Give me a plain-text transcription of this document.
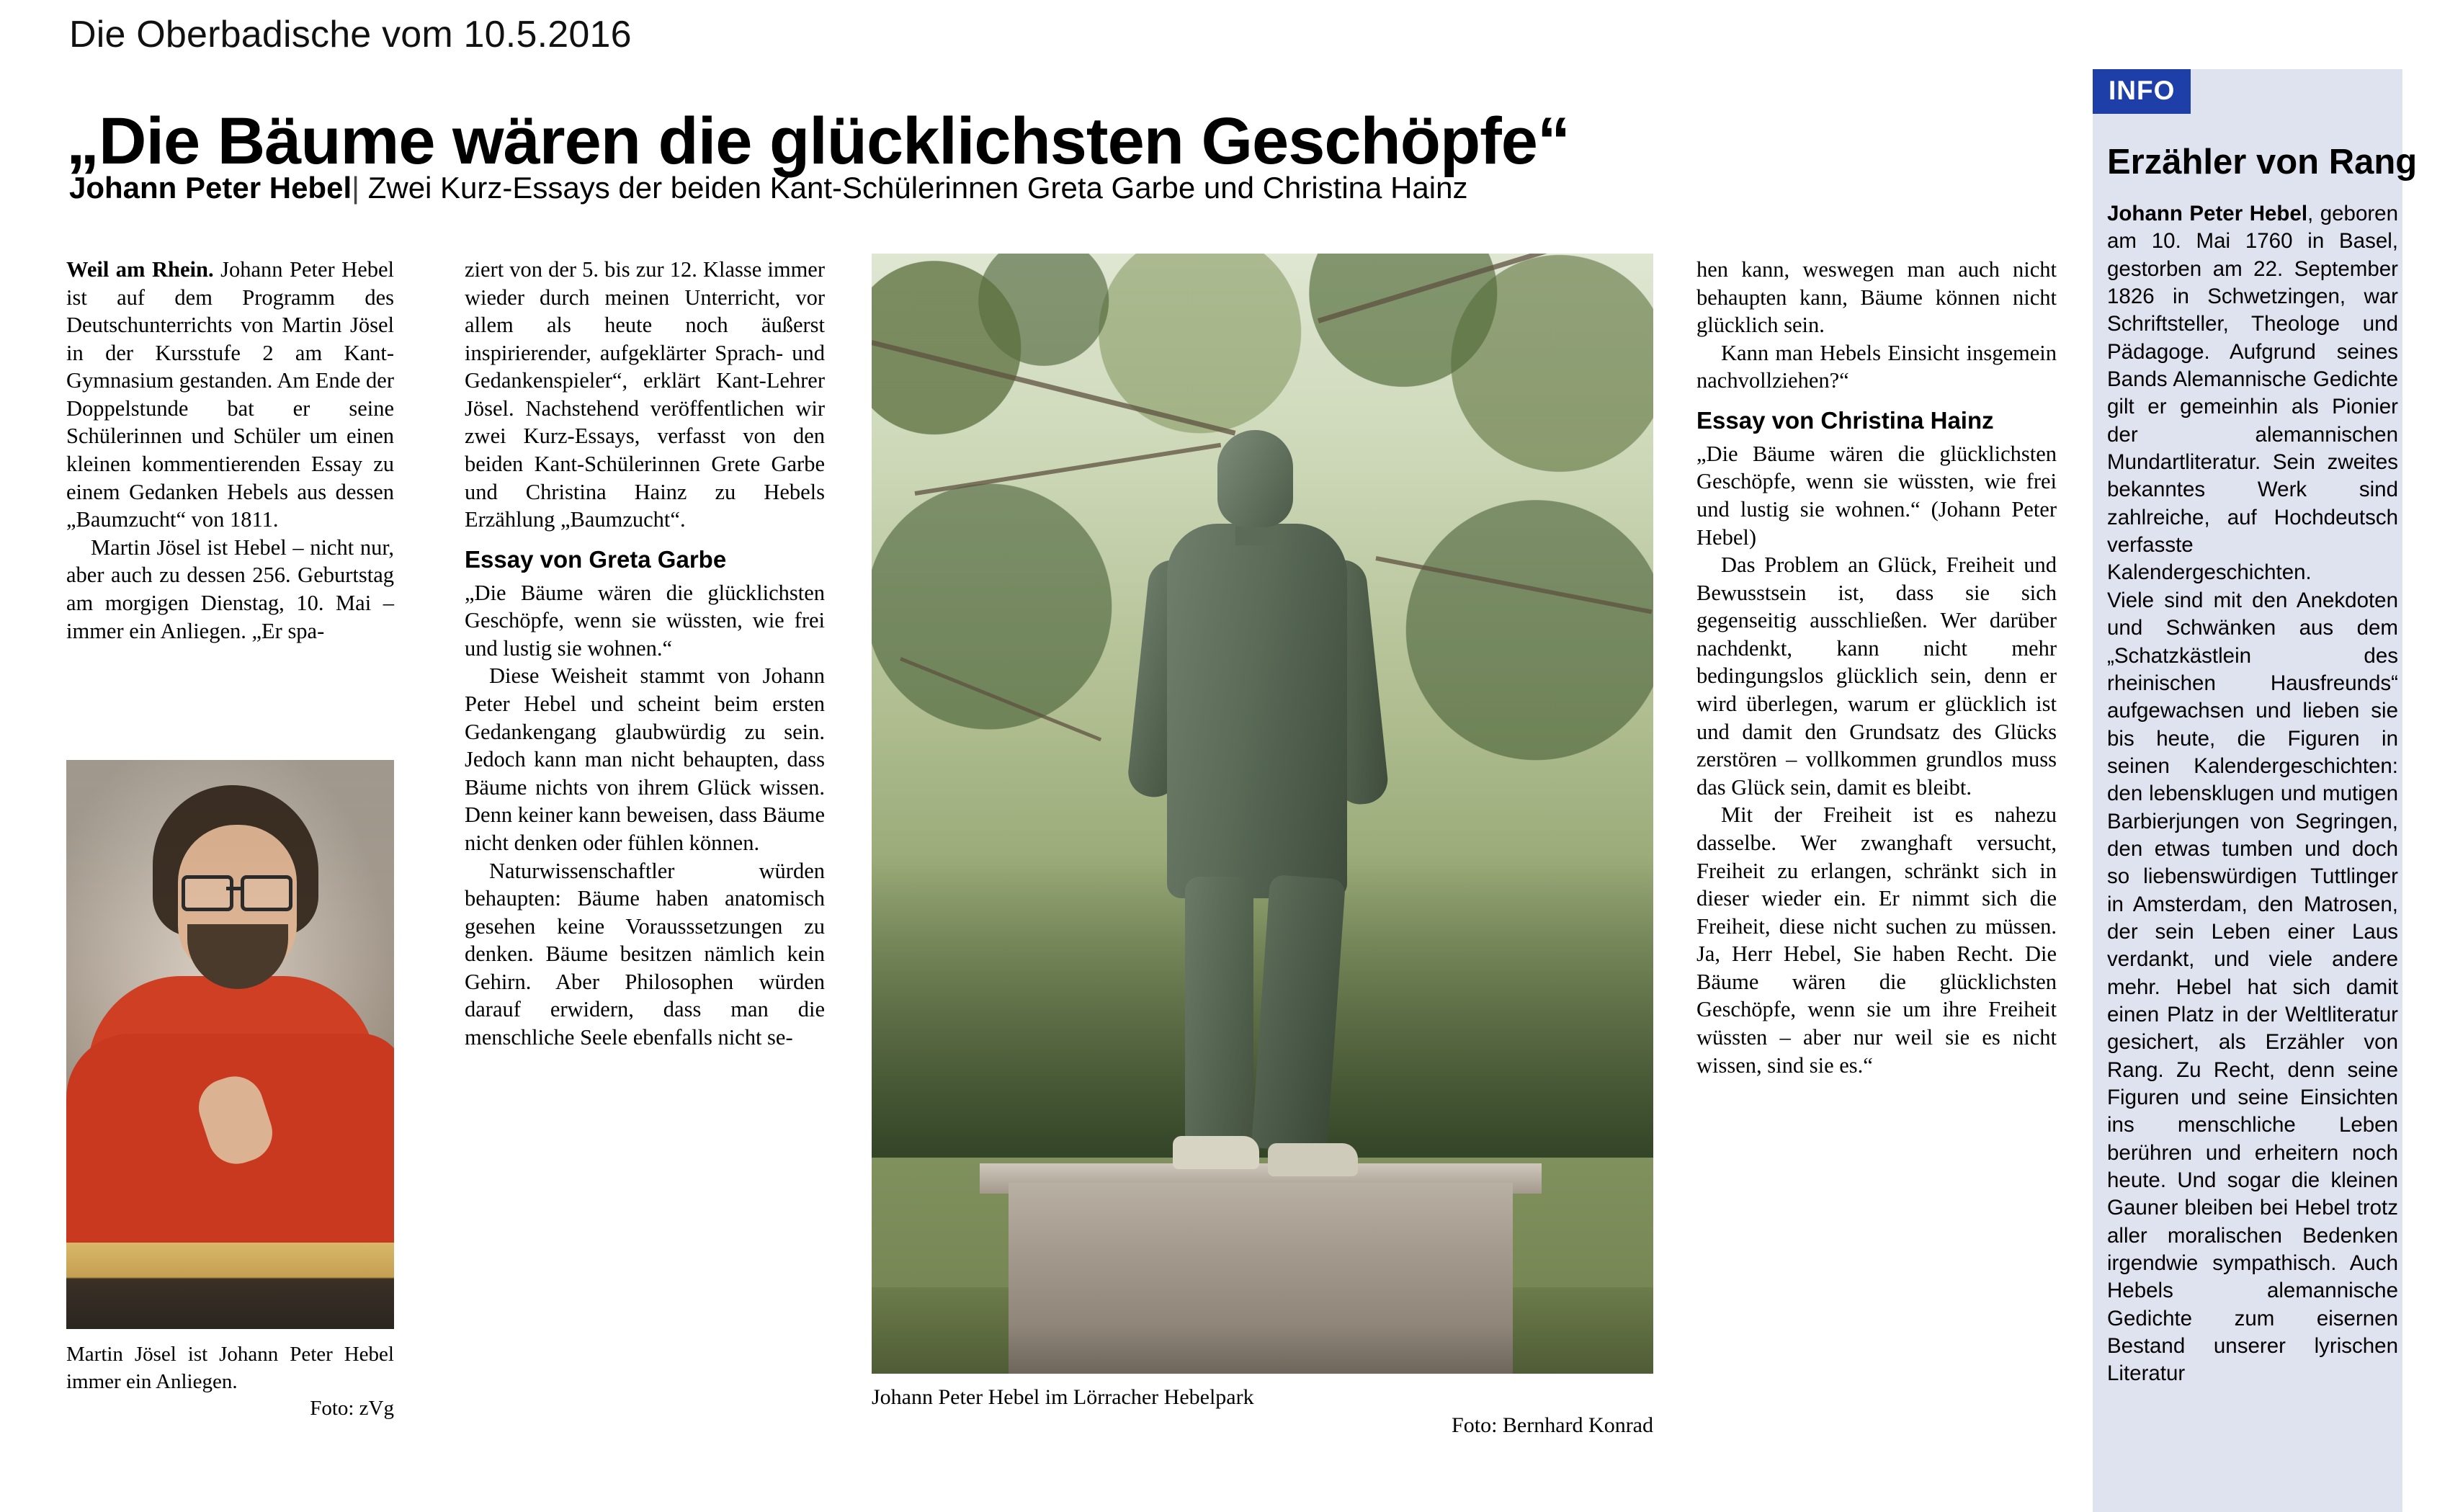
Die Oberbadische vom 10.5.2016
„Die Bäume wären die glücklichsten Geschöpfe“
Johann Peter Hebel| Zwei Kurz-Essays der beiden Kant-Schülerinnen Greta Garbe und Christina Hainz

Weil am Rhein. Johann Peter Hebel ist auf dem Programm des Deutschunterrichts von Martin Jösel in der Kursstufe 2 am Kant-Gymnasium gestanden. Am Ende der Doppelstunde bat er seine Schülerinnen und Schüler um einen kleinen kommentierenden Essay zu einem Gedanken Hebels aus dessen „Baumzucht“ von 1811.

Martin Jösel ist Hebel – nicht nur, aber auch zu dessen 256. Geburtstag am morgigen Dienstag, 10. Mai – immer ein Anliegen. „Er spa-

ziert von der 5. bis zur 12. Klasse immer wieder durch meinen Unterricht, vor allem als heute noch äußerst inspirierender, aufgeklärter Sprach- und Gedankenspieler“, erklärt Kant-Lehrer Jösel. Nachstehend veröffentlichen wir zwei Kurz-Essays, verfasst von den beiden Kant-Schülerinnen Grete Garbe und Christina Hainz zu Hebels Erzählung „Baumzucht“.

Essay von Greta Garbe

„Die Bäume wären die glücklichsten Geschöpfe, wenn sie wüssten, wie frei und lustig sie wohnen.“

Diese Weisheit stammt von Johann Peter Hebel und scheint beim ersten Gedankengang glaubwürdig zu sein. Jedoch kann man nicht behaupten, dass Bäume nichts von ihrem Glück wissen. Denn keiner kann beweisen, dass Bäume nicht denken oder fühlen können.

Naturwissenschaftler würden behaupten: Bäume haben anatomisch gesehen keine Vorausssetzungen zu denken. Bäume besitzen nämlich kein Gehirn. Aber Philosophen würden darauf erwidern, dass man die menschliche Seele ebenfalls nicht se-

hen kann, weswegen man auch nicht behaupten kann, Bäume können nicht glücklich sein.

Kann man Hebels Einsicht insgemein nachvollziehen?“

Essay von Christina Hainz

„Die Bäume wären die glücklichsten Geschöpfe, wenn sie wüssten, wie frei und lustig sie wohnen.“ (Johann Peter Hebel)

Das Problem an Glück, Freiheit und Bewusstsein ist, dass sie sich gegenseitig ausschließen. Wer darüber nachdenkt, kann nicht mehr bedingungslos glücklich sein, denn er wird überlegen, warum er glücklich ist und damit den Grundsatz des Glücks zerstören – vollkommen grundlos muss das Glück sein, damit es bleibt.

Mit der Freiheit ist es nahezu dasselbe. Wer zwanghaft versucht, Freiheit zu erlangen, schränkt sich in dieser wieder ein. Er nimmt sich die Freiheit, diese nicht suchen zu müssen. Ja, Herr Hebel, Sie haben Recht. Die Bäume wären die glücklichsten Geschöpfe, wenn sie um ihre Freiheit wüssten – aber nur weil sie es nicht wissen, sind sie es.“

Martin Jösel ist Johann Peter Hebel immer ein Anliegen.
Foto: zVg	Johann Peter Hebel im Lörracher Hebelpark
Foto: Bernhard Konrad
INFO
Erzähler von Rang

Johann Peter Hebel, geboren am 10. Mai 1760 in Basel, gestorben am 22. September 1826 in Schwetzingen, war Schriftsteller, Theologe und Pädagoge. Aufgrund seines Bands Alemannische Gedichte gilt er gemeinhin als Pionier der alemannischen Mundartliteratur. Sein zweites bekanntes Werk sind zahlreiche, auf Hochdeutsch verfasste Kalendergeschichten.

Viele sind mit den Anekdoten und Schwänken aus dem „Schatzkästlein des rheinischen Hausfreunds“ aufgewachsen und lieben sie bis heute, die Figuren in seinen Kalendergeschichten: den lebensklugen und mutigen Barbierjungen von Segringen, den etwas tumben und doch so liebenswürdigen Tuttlinger in Amsterdam, den Matrosen, der sein Leben einer Laus verdankt, und viele andere mehr. Hebel hat sich damit einen Platz in der Weltliteratur gesichert, als Erzähler von Rang. Zu Recht, denn seine Figuren und seine Einsichten ins menschliche Leben berühren und erheitern noch heute. Und sogar die kleinen Gauner bleiben bei Hebel trotz aller moralischen Bedenken irgendwie sympathisch. Auch Hebels alemannische Gedichte zum eisernen Bestand unserer lyrischen Literatur
